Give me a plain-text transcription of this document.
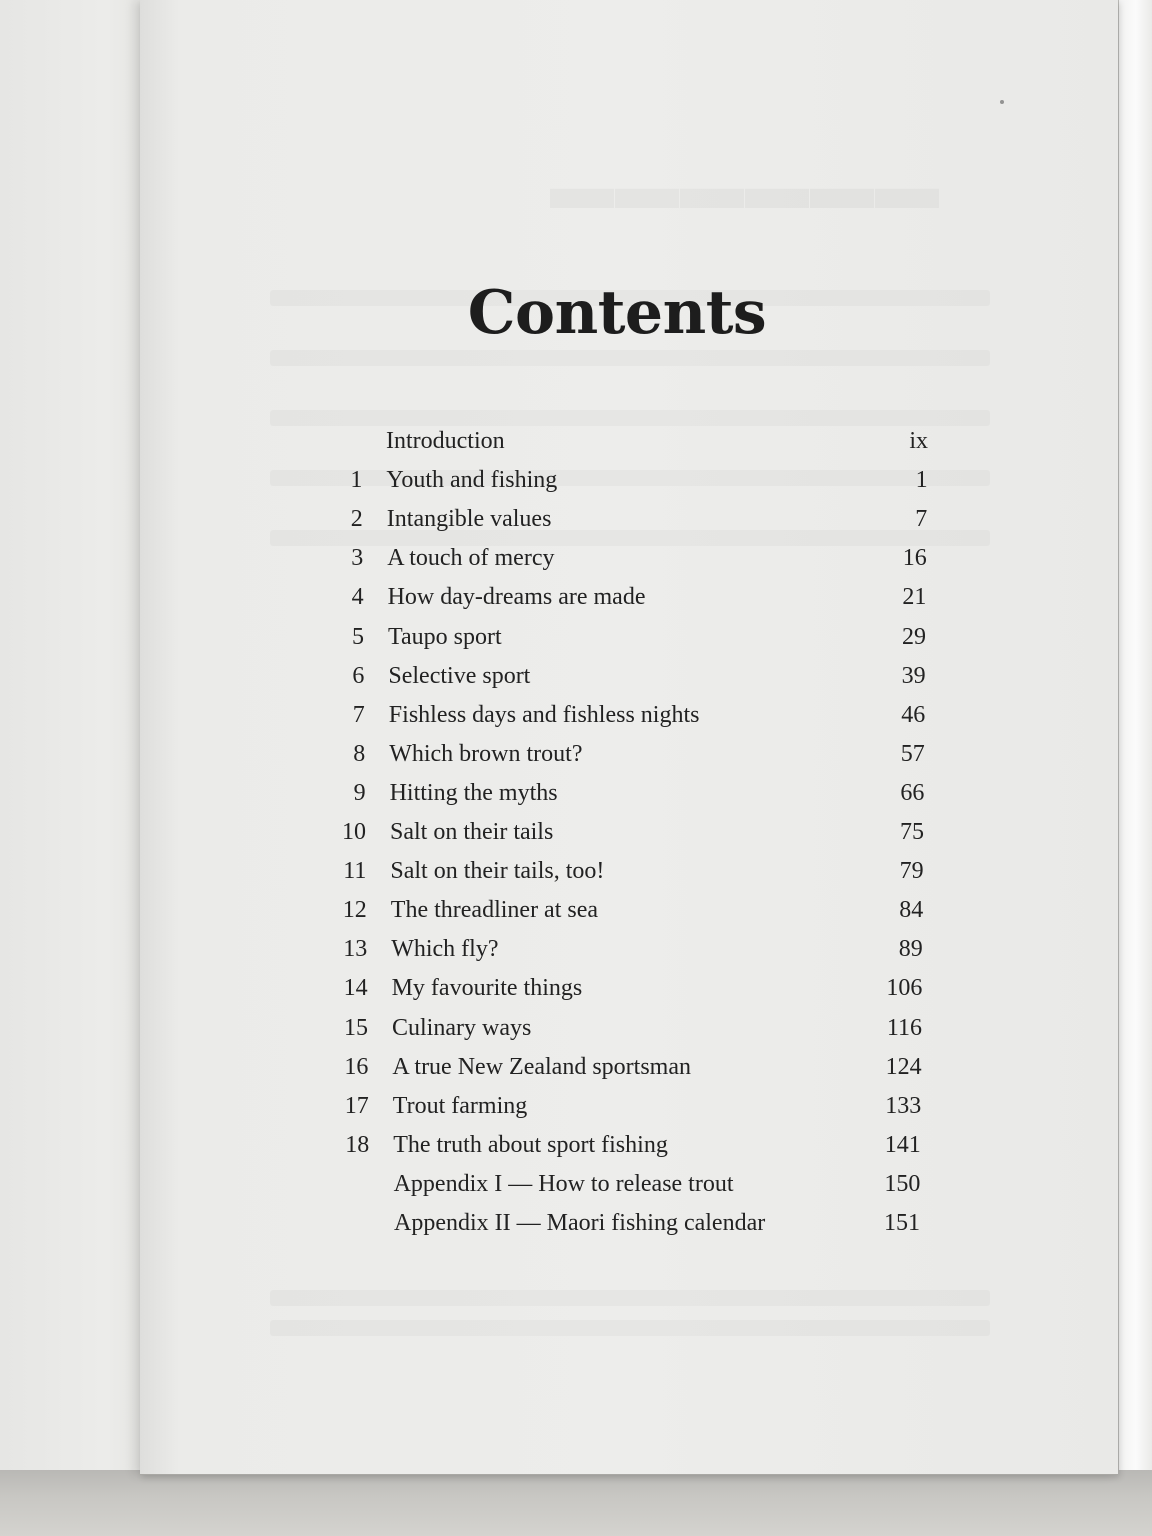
Contents
Introduction	ix
1 Youth and fishing	1
2 Intangible values	7
3 A touch of mercy	16
4 How day-dreams are made	21
5 Taupo sport	29
6 Selective sport	39
7 Fishless days and fishless nights	46
8 Which brown trout?	57
9 Hitting the myths	66
10 Salt on their tails	75
11 Salt on their tails, too!	79
12 The threadliner at sea	84
13 Which fly?	89
14 My favourite things	106
15 Culinary ways	116
16 A true New Zealand sportsman	124
17 Trout farming	133
18 The truth about sport fishing	141
Appendix I — How to release trout	150
Appendix II — Maori fishing calendar	151
